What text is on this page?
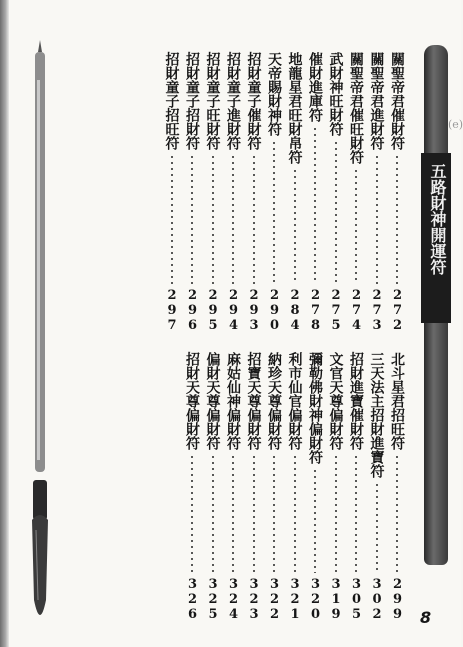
五路財神開運符
(e)
8
關聖帝君催財符
272
關聖帝君進財符
273
關聖帝君催旺財符
274
武財神旺財符
275
催財進庫符
278
地龍星君旺財帛符
284
天帝賜財神符
290
招財童子催財符
293
招財童子進財符
294
招財童子旺財符
295
招財童子招財符
296
招財童子招旺符
297
北斗星君招旺符
299
三天法主招財進寶符
302
招財進寶催財符
305
文官天尊偏財符
319
彌勒佛財神偏財符
320
利市仙官偏財符
321
納珍天尊偏財符
322
招寶天尊偏財符
323
麻姑仙神偏財符
324
偏財天尊偏財符
325
招財天尊偏財符
326
